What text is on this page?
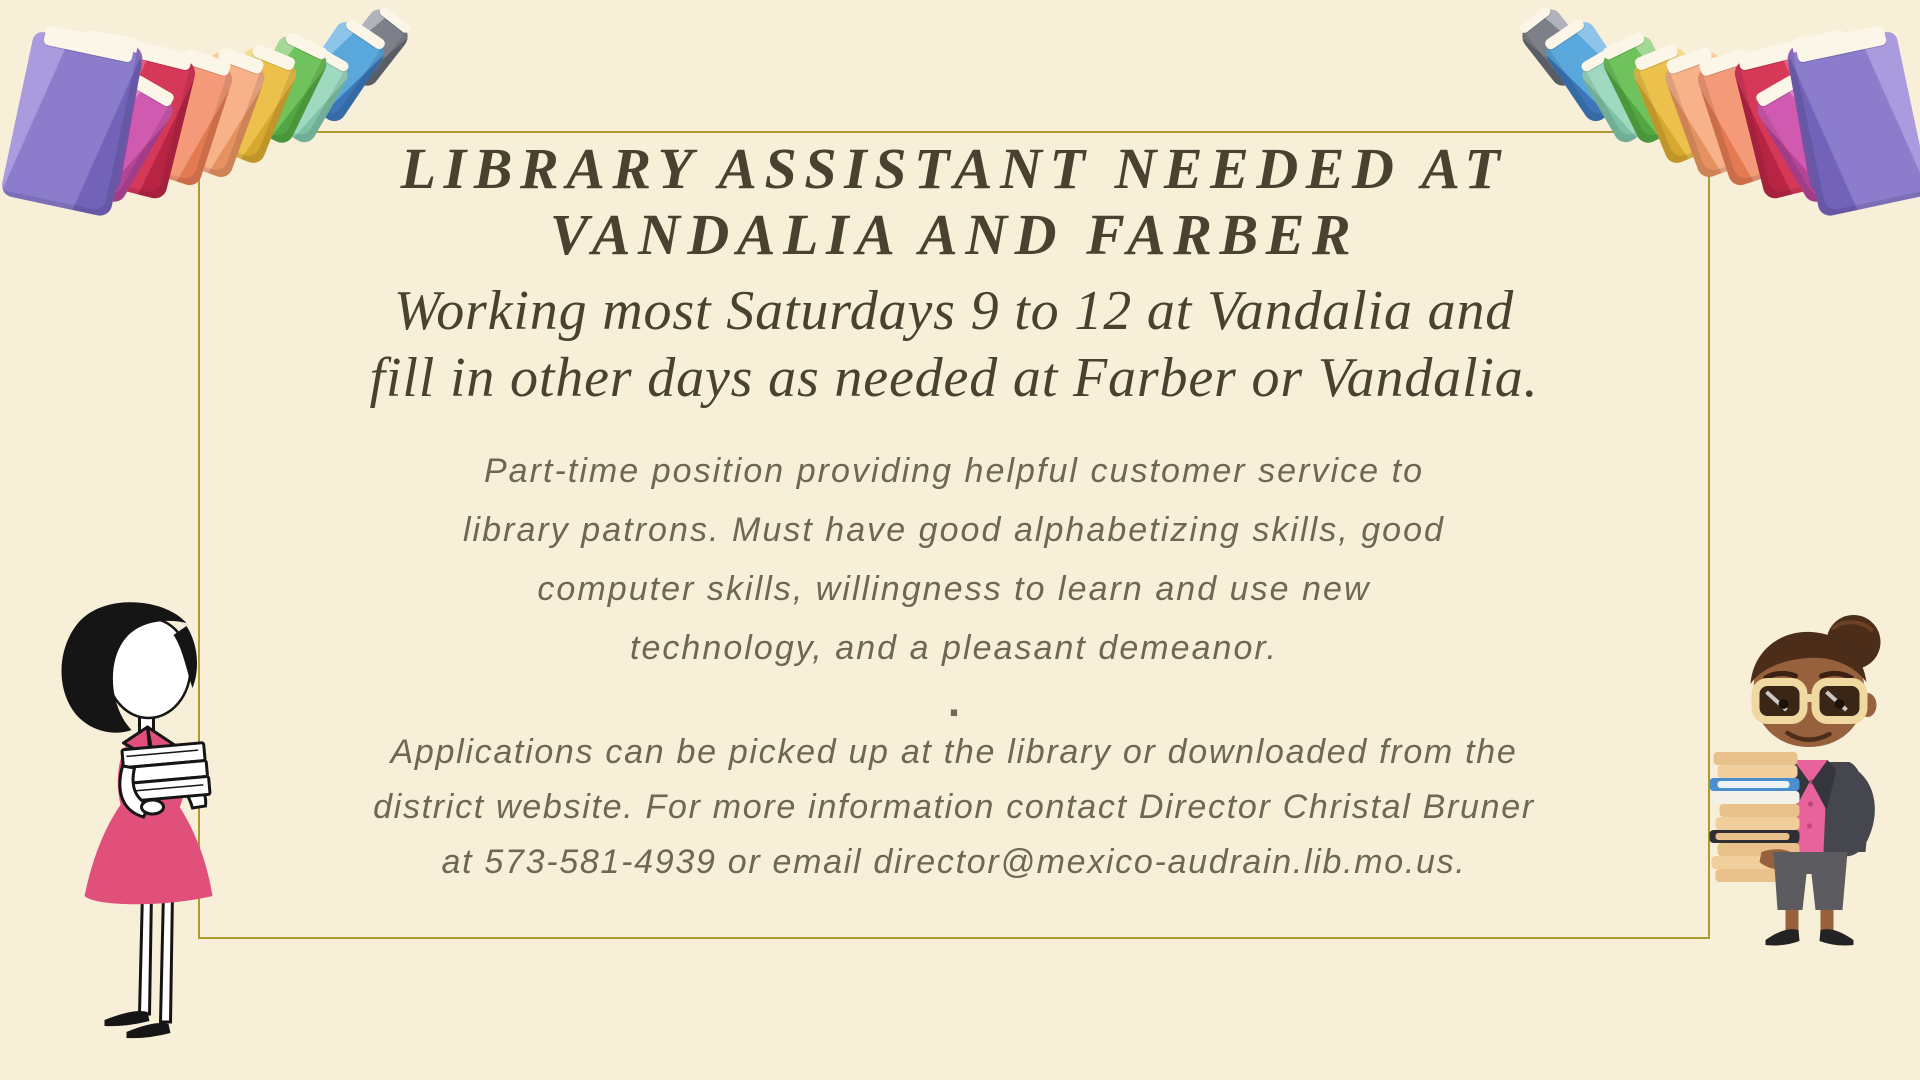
LIBRARY ASSISTANT NEEDED AT
VANDALIA AND FARBER
Working most Saturdays 9 to 12 at Vandalia and
fill in other days as needed at Farber or Vandalia.
Part-time position providing helpful customer service to
library patrons. Must have good alphabetizing skills, good
computer skills, willingness to learn and use new
technology, and a pleasant demeanor.
.
Applications can be picked up at the library or downloaded from the
district website. For more information contact Director Christal Bruner
at 573-581-4939 or email director@mexico-audrain.lib.mo.us.
